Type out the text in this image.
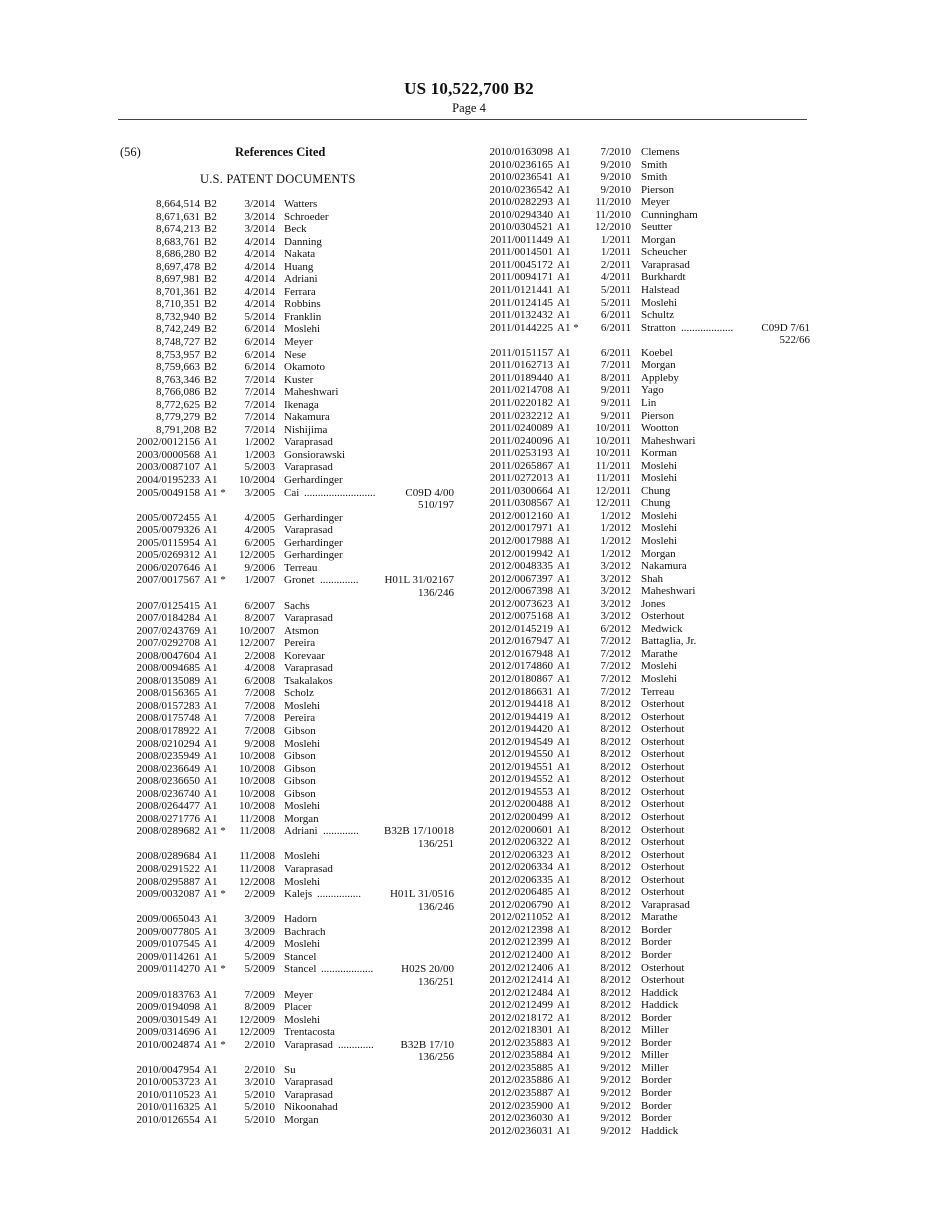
US 10,522,700 B2
Page 4
(56)	References Cited
U.S. PATENT DOCUMENTS
8,664,514 B2	3/2014 Watters
8,671,631 B2	3/2014 Schroeder
8,674,213 B2	3/2014 Beck
8,683,761 B2	4/2014 Danning
8,686,280 B2	4/2014 Nakata
8,697,478 B2	4/2014 Huang
8,697,981 B2	4/2014 Adriani
8,701,361 B2	4/2014 Ferrara
8,710,351 B2	4/2014 Robbins
8,732,940 B2	5/2014 Franklin
8,742,249 B2	6/2014 Moslehi
8,748,727 B2	6/2014 Meyer
8,753,957 B2	6/2014 Nese
8,759,663 B2	6/2014 Okamoto
8,763,346 B2	7/2014 Kuster
8,766,086 B2	7/2014 Maheshwari
8,772,625 B2	7/2014 Ikenaga
8,779,279 B2	7/2014 Nakamura
8,791,208 B2	7/2014 Nishijima
2002/0012156 A1	1/2002 Varaprasad
2003/0000568 A1	1/2003 Gonsiorawski
2003/0087107 A1	5/2003 Varaprasad
2004/0195233 A1	10/2004 Gerhardinger
2005/0049158 A1 *	3/2005 Cai ..........................	C09D 4/00
510/197
2005/0072455 A1	4/2005 Gerhardinger
2005/0079326 A1	4/2005 Varaprasad
2005/0115954 A1	6/2005 Gerhardinger
2005/0269312 A1	12/2005 Gerhardinger
2006/0207646 A1	9/2006 Terreau
2007/0017567 A1 *	1/2007 Gronet .............. H01L 31/02167
136/246
2007/0125415 A1	6/2007 Sachs
2007/0184284 A1	8/2007 Varaprasad
2007/0243769 A1	10/2007 Atsmon
2007/0292708 A1	12/2007 Pereira
2008/0047604 A1	2/2008 Korevaar
2008/0094685 A1	4/2008 Varaprasad
2008/0135089 A1	6/2008 Tsakalakos
2008/0156365 A1	7/2008 Scholz
2008/0157283 A1	7/2008 Moslehi
2008/0175748 A1	7/2008 Pereira
2008/0178922 A1	7/2008 Gibson
2008/0210294 A1	9/2008 Moslehi
2008/0235949 A1	10/2008 Gibson
2008/0236649 A1	10/2008 Gibson
2008/0236650 A1	10/2008 Gibson
2008/0236740 A1	10/2008 Gibson
2008/0264477 A1	10/2008 Moslehi
2008/0271776 A1	11/2008 Morgan
2008/0289682 A1 *	11/2008 Adriani ............. B32B 17/10018
136/251
2008/0289684 A1	11/2008 Moslehi
2008/0291522 A1	11/2008 Varaprasad
2008/0295887 A1	12/2008 Moslehi
2009/0032087 A1 *	2/2009 Kalejs ................	H01L 31/0516
136/246
2009/0065043 A1	3/2009 Hadorn
2009/0077805 A1	3/2009 Bachrach
2009/0107545 A1	4/2009 Moslehi
2009/0114261 A1	5/2009 Stancel
2009/0114270 A1 *	5/2009 Stancel ...................	H02S 20/00
136/251
2009/0183763 A1	7/2009 Meyer
2009/0194098 A1	8/2009 Placer
2009/0301549 A1	12/2009 Moslehi
2009/0314696 A1	12/2009 Trentacosta
2010/0024874 A1 *	2/2010 Varaprasad ............. B32B 17/10
136/256
2010/0047954 A1	2/2010 Su
2010/0053723 A1	3/2010 Varaprasad
2010/0110523 A1	5/2010 Varaprasad
2010/0116325 A1	5/2010 Nikoonahad
2010/0126554 A1	5/2010 Morgan
2010/0163098 A1	7/2010 Clemens
2010/0236165 A1	9/2010 Smith
2010/0236541 A1	9/2010 Smith
2010/0236542 A1	9/2010 Pierson
2010/0282293 A1	11/2010 Meyer
2010/0294340 A1	11/2010 Cunningham
2010/0304521 A1	12/2010 Seutter
2011/0011449 A1	1/2011 Morgan
2011/0014501 A1	1/2011 Scheucher
2011/0045172 A1	2/2011 Varaprasad
2011/0094171 A1	4/2011 Burkhardt
2011/0121441 A1	5/2011 Halstead
2011/0124145 A1	5/2011 Moslehi
2011/0132432 A1	6/2011 Schultz
2011/0144225 A1 *	6/2011 Stratton ...................	C09D 7/61
522/66
2011/0151157 A1	6/2011 Koebel
2011/0162713 A1	7/2011 Morgan
2011/0189440 A1	8/2011 Appleby
2011/0214708 A1	9/2011 Yago
2011/0220182 A1	9/2011 Lin
2011/0232212 A1	9/2011 Pierson
2011/0240089 A1	10/2011 Wootton
2011/0240096 A1	10/2011 Maheshwari
2011/0253193 A1	10/2011 Korman
2011/0265867 A1	11/2011 Moslehi
2011/0272013 A1	11/2011 Moslehi
2011/0300664 A1	12/2011 Chung
2011/0308567 A1	12/2011 Chung
2012/0012160 A1	1/2012 Moslehi
2012/0017971 A1	1/2012 Moslehi
2012/0017988 A1	1/2012 Moslehi
2012/0019942 A1	1/2012 Morgan
2012/0048335 A1	3/2012 Nakamura
2012/0067397 A1	3/2012 Shah
2012/0067398 A1	3/2012 Maheshwari
2012/0073623 A1	3/2012 Jones
2012/0075168 A1	3/2012 Osterhout
2012/0145219 A1	6/2012 Medwick
2012/0167947 A1	7/2012 Battaglia, Jr.
2012/0167948 A1	7/2012 Marathe
2012/0174860 A1	7/2012 Moslehi
2012/0180867 A1	7/2012 Moslehi
2012/0186631 A1	7/2012 Terreau
2012/0194418 A1	8/2012 Osterhout
2012/0194419 A1	8/2012 Osterhout
2012/0194420 A1	8/2012 Osterhout
2012/0194549 A1	8/2012 Osterhout
2012/0194550 A1	8/2012 Osterhout
2012/0194551 A1	8/2012 Osterhout
2012/0194552 A1	8/2012 Osterhout
2012/0194553 A1	8/2012 Osterhout
2012/0200488 A1	8/2012 Osterhout
2012/0200499 A1	8/2012 Osterhout
2012/0200601 A1	8/2012 Osterhout
2012/0206322 A1	8/2012 Osterhout
2012/0206323 A1	8/2012 Osterhout
2012/0206334 A1	8/2012 Osterhout
2012/0206335 A1	8/2012 Osterhout
2012/0206485 A1	8/2012 Osterhout
2012/0206790 A1	8/2012 Varaprasad
2012/0211052 A1	8/2012 Marathe
2012/0212398 A1	8/2012 Border
2012/0212399 A1	8/2012 Border
2012/0212400 A1	8/2012 Border
2012/0212406 A1	8/2012 Osterhout
2012/0212414 A1	8/2012 Osterhout
2012/0212484 A1	8/2012 Haddick
2012/0212499 A1	8/2012 Haddick
2012/0218172 A1	8/2012 Border
2012/0218301 A1	8/2012 Miller
2012/0235883 A1	9/2012 Border
2012/0235884 A1	9/2012 Miller
2012/0235885 A1	9/2012 Miller
2012/0235886 A1	9/2012 Border
2012/0235887 A1	9/2012 Border
2012/0235900 A1	9/2012 Border
2012/0236030 A1	9/2012 Border
2012/0236031 A1	9/2012 Haddick
